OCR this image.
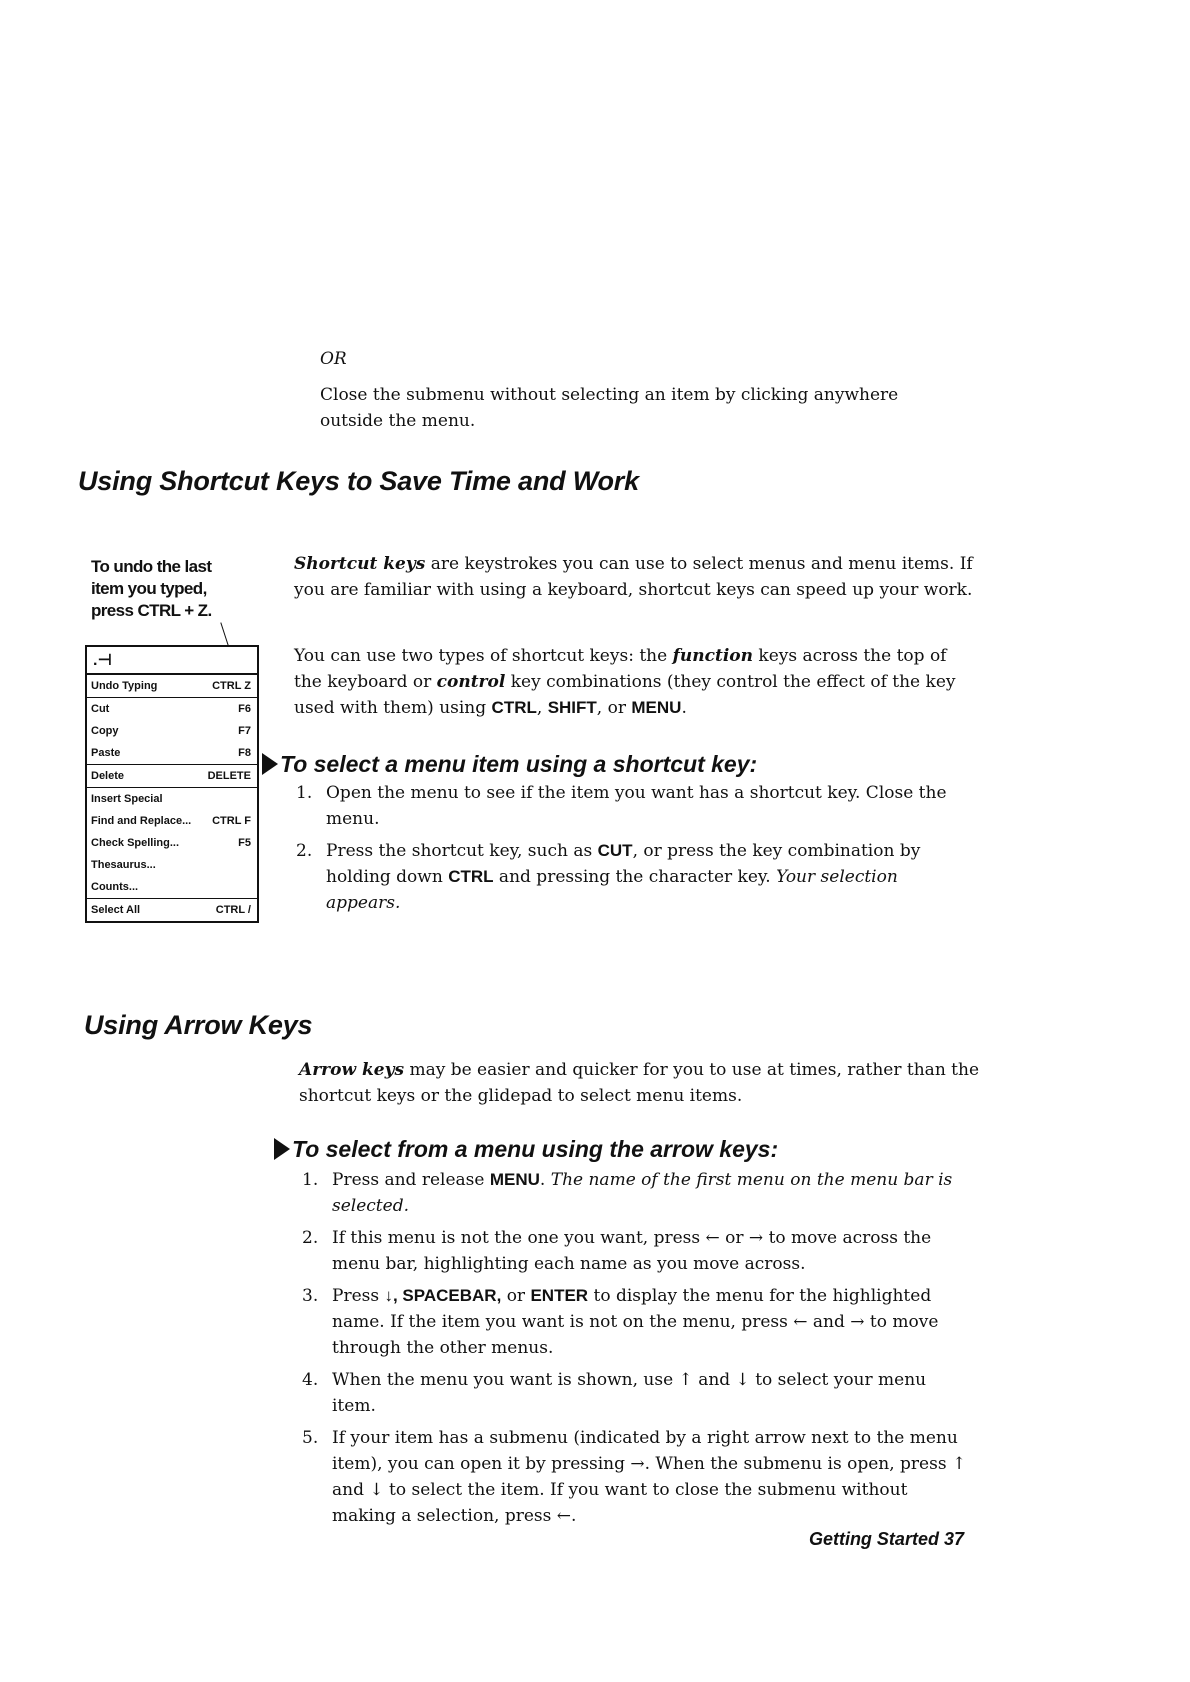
OR
Close the submenu without selecting an item by clicking anywhere outside the menu.
Using Shortcut Keys to Save Time and Work
To undo the last item you typed, press CTRL + Z.
.⊣
Undo Typing	CTRL Z
Cut	F6
Copy	F7
Paste	F8
Delete	DELETE
Insert Special
Find and Replace... CTRL F
Check Spelling...	F5
Thesaurus...
Counts...
Select All	CTRL /
Shortcut keys are keystrokes you can use to select menus and menu items. If you are familiar with using a keyboard, shortcut keys can speed up your work.
You can use two types of shortcut keys: the function keys across the top of the keyboard or control key combinations (they control the effect of the key used with them) using CTRL, SHIFT, or MENU.
To select a menu item using a shortcut key:
1. Open the menu to see if the item you want has a shortcut key. Close the menu.
2. Press the shortcut key, such as CUT, or press the key combination by holding down CTRL and pressing the character key. Your selection appears.
Using Arrow Keys
Arrow keys may be easier and quicker for you to use at times, rather than the shortcut keys or the glidepad to select menu items.
To select from a menu using the arrow keys:
1. Press and release MENU. The name of the first menu on the menu bar is selected.
2. If this menu is not the one you want, press ← or → to move across the menu bar, highlighting each name as you move across.
3. Press ↓, SPACEBAR, or ENTER to display the menu for the highlighted name. If the item you want is not on the menu, press ← and → to move through the other menus.
4. When the menu you want is shown, use ↑ and ↓ to select your menu item.
5. If your item has a submenu (indicated by a right arrow next to the menu item), you can open it by pressing →. When the submenu is open, press ↑ and ↓ to select the item. If you want to close the submenu without making a selection, press ←.
Getting Started 37
